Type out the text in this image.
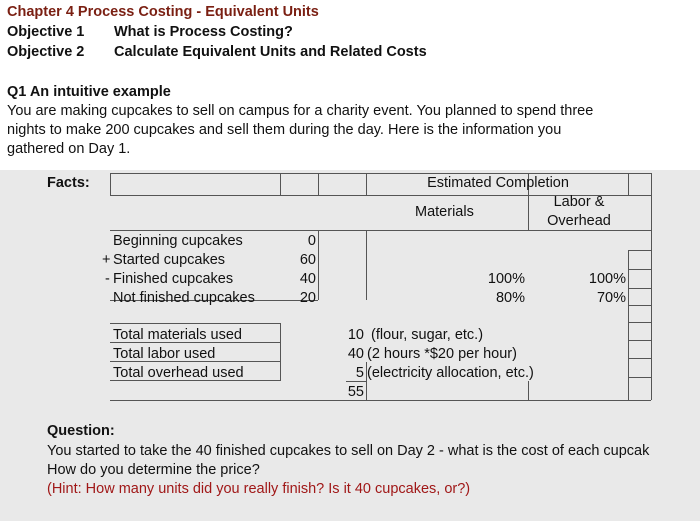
Chapter 4 Process Costing - Equivalent Units
Objective 1 What is Process Costing?
Objective 2 Calculate Equivalent Units and Related Costs
Q1 An intuitive example
You are making cupcakes to sell on campus for a charity event. You planned to spend three
nights to make 200 cupcakes and sell them during the day. Here is the information you
gathered on Day 1.
Facts:	Estimated Completion
Materials
Labor &
Overhead
Beginning cupcakes	0
+ Started cupcakes	60
- Finished cupcakes	40	100%	100%
Not finished cupcakes	20	80%	70%
Total materials used	10 (flour, sugar, etc.)
Total labor used	40 (2 hours *$20 per hour)
Total overhead used	5 (electricity allocation, etc.)
55
Question:
You started to take the 40 finished cupcakes to sell on Day 2 - what is the cost of each cupcak
How do you determine the price?
(Hint: How many units did you really finish? Is it 40 cupcakes, or?)
